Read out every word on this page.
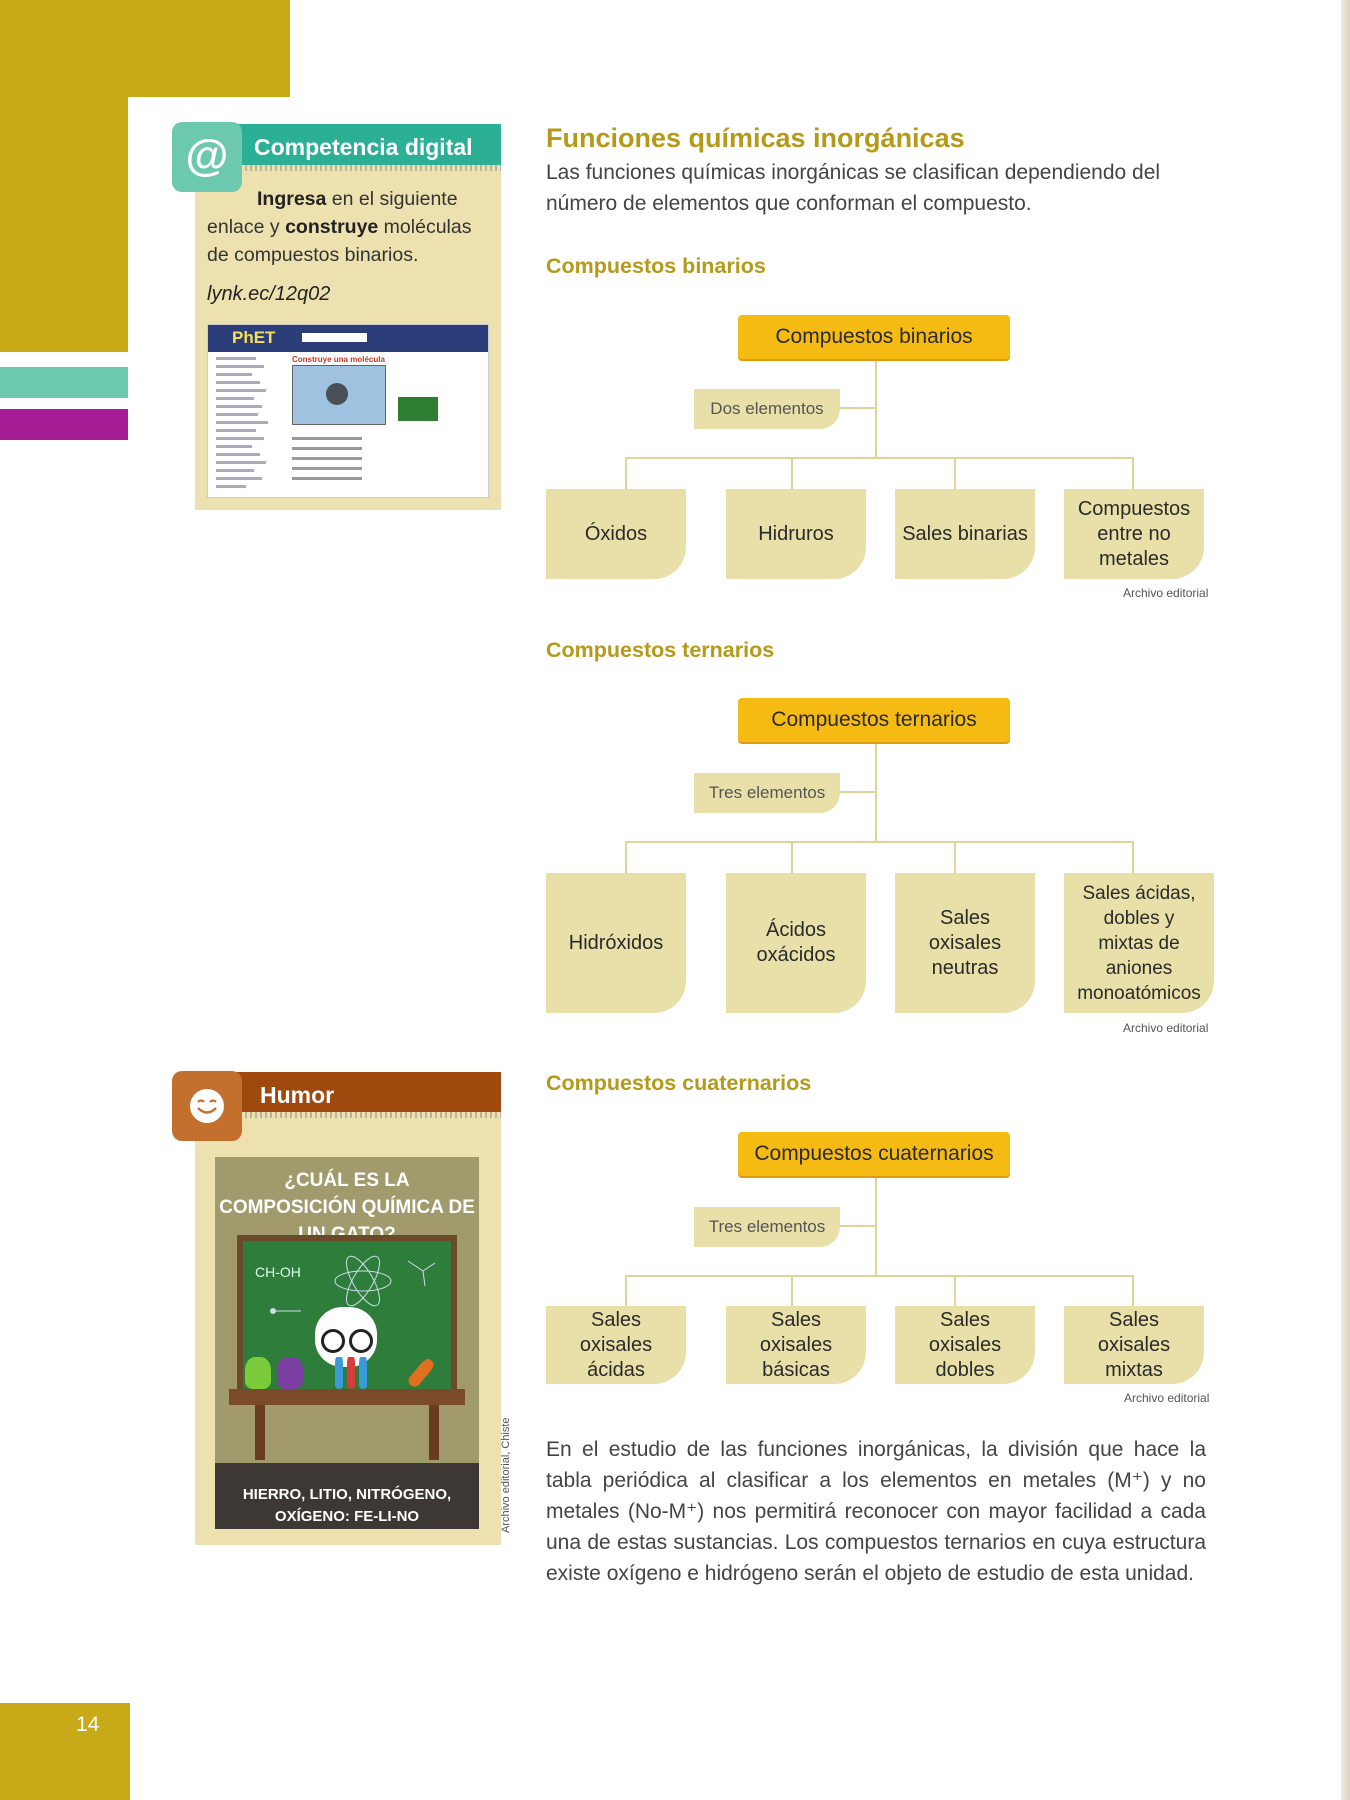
14
@	Competencia digital
Ingresa en el siguiente enlace y construye moléculas de compuestos binarios.
lynk.ec/12q02
PhET
Construye una molécula
Humor
¿CUÁL ES LA COMPOSICIÓN QUÍMICA DE
CH-OH
HIERRO, LITIO, NITRÓGENO, OXÍGENO: FE-LI-NO	Archivo editorial, Chiste
Funciones químicas inorgánicas
Las funciones químicas inorgánicas se clasifican dependiendo del número de elementos que conforman el compuesto.
Compuestos binarios
Compuestos binarios
Dos elementos
Óxidos	Hidruros	Sales binarias
Compuestos entre no metales
Archivo editorial
Compuestos ternarios
Compuestos ternarios
Tres elementos
Hidróxidos
Ácidos oxácidos
Sales oxisales neutras
Sales ácidas, dobles y mixtas de aniones monoatómicos
Archivo editorial
Compuestos cuaternarios
Compuestos cuaternarios
Tres elementos
Sales oxisales ácidas
Sales oxisales básicas
Sales oxisales dobles
Sales oxisales mixtas
Archivo editorial
En el estudio de las funciones inorgánicas, la división que hace la tabla periódica al clasificar a los elementos en metales (M⁺) y no metales (No-M⁺) nos permitirá reconocer con mayor facilidad a cada una de estas sustancias. Los compuestos ternarios en cuya estructura existe oxígeno e hidrógeno serán el objeto de estudio de esta unidad.
